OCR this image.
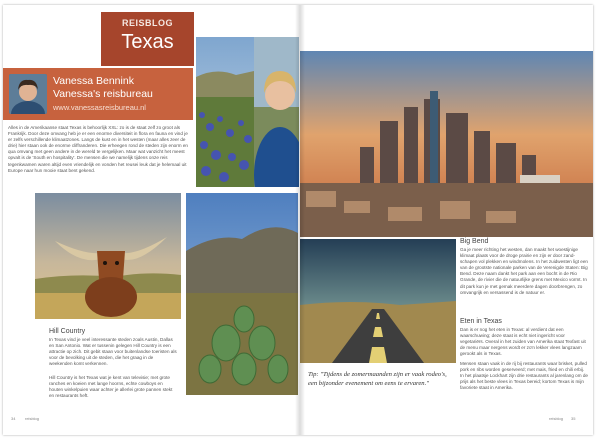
REISBLOG
Texas
Vanessa Bennink
Vanessa's reisbureau
www.vanessasreisbureau.nl
Alles in de Amerikaanse staat Texas is behoorlijk XXL: zo is de staat zelf zo groot als Frankrijk. Door deze omvang heb je er een enorme diversiteit in flora en fauna en vind je er zelfs verschillende klimaatzones. Langs de kust en in het westen (maar alles zeer de drie) hier staan ook de enorme cliffranderen. Die erheegen rond de steden zijn enorm en qua omvang met geen andere in de wereld te vergelijken. Maar wat vanzicht het meest opvalt is de 'South en hospitality'. De mensen die we namelijk tijdens onze reis tegenkwamen waren altijd even vriendelijk en vonden het reusei leuk dat je helemaal uit Europe naar hun mooie staat bent gekend.
Hill Country
In Texas vind je veel interessante steden zoals Austin, Dallas en San Antonio. Wat er tussenin gelegen Hill Country is een attractie op zich. Dit gebit staan voor buitenlandse toeristen als voor de bevolking uit de steden, die het graag in de weekenden komt verkennen.
Hill Country is het Texas wat je kent van televisie; met grote ranches en koeien met lange hoorns, echte cowboys en houten winkelpuien waar achter je allerlei grote pannen stekt en restaurants heft.
34 reisblog	reisblog 35
Tip: "Tijdens de zomermaanden zijn er vaak rodeo's, een bijzonder evenement om eens te ervaren."
Big Bend
Ga je meer richting het westen, dan maakt het woestijnige klimaat plaats voor de droge prairie en zijn er door zand-schapen vol plekken en windmolens. In het zuidwesten ligt een van de grootste nationale parken van de Verenigde Staten: Big Bend. Deze naam dankt het park aan een bocht in de Rio Grande, de rivier die de natuurlijke grens met Mexico vormt. In dit park kun je met gemak meerdere dagen doorbrengen, zo omvangrijk en versassend is de natuur er.
Eten in Texas
Dan is er nog het eten in Texas: al verdient dat een waarschuwing; deze staat is echt niet ingericht voor vegetariërs. Overal in het zuiden van Amerika staat Texfast uit de menu maar nergens wordt er zo'n lekker vlees langzaam gerookt als in Texas.
Mensen staan vaak in de rij bij restaurants waar brisket, pulled pork en ribs worden geserveerd; met mais, fried en chili erbij. In het plaatsje Lockhart zijn drie restaurants al jarenlang om de prijs als het beste vlees in Texas bereid; kortom Texas is mijn favoriete staat in Amerika.
